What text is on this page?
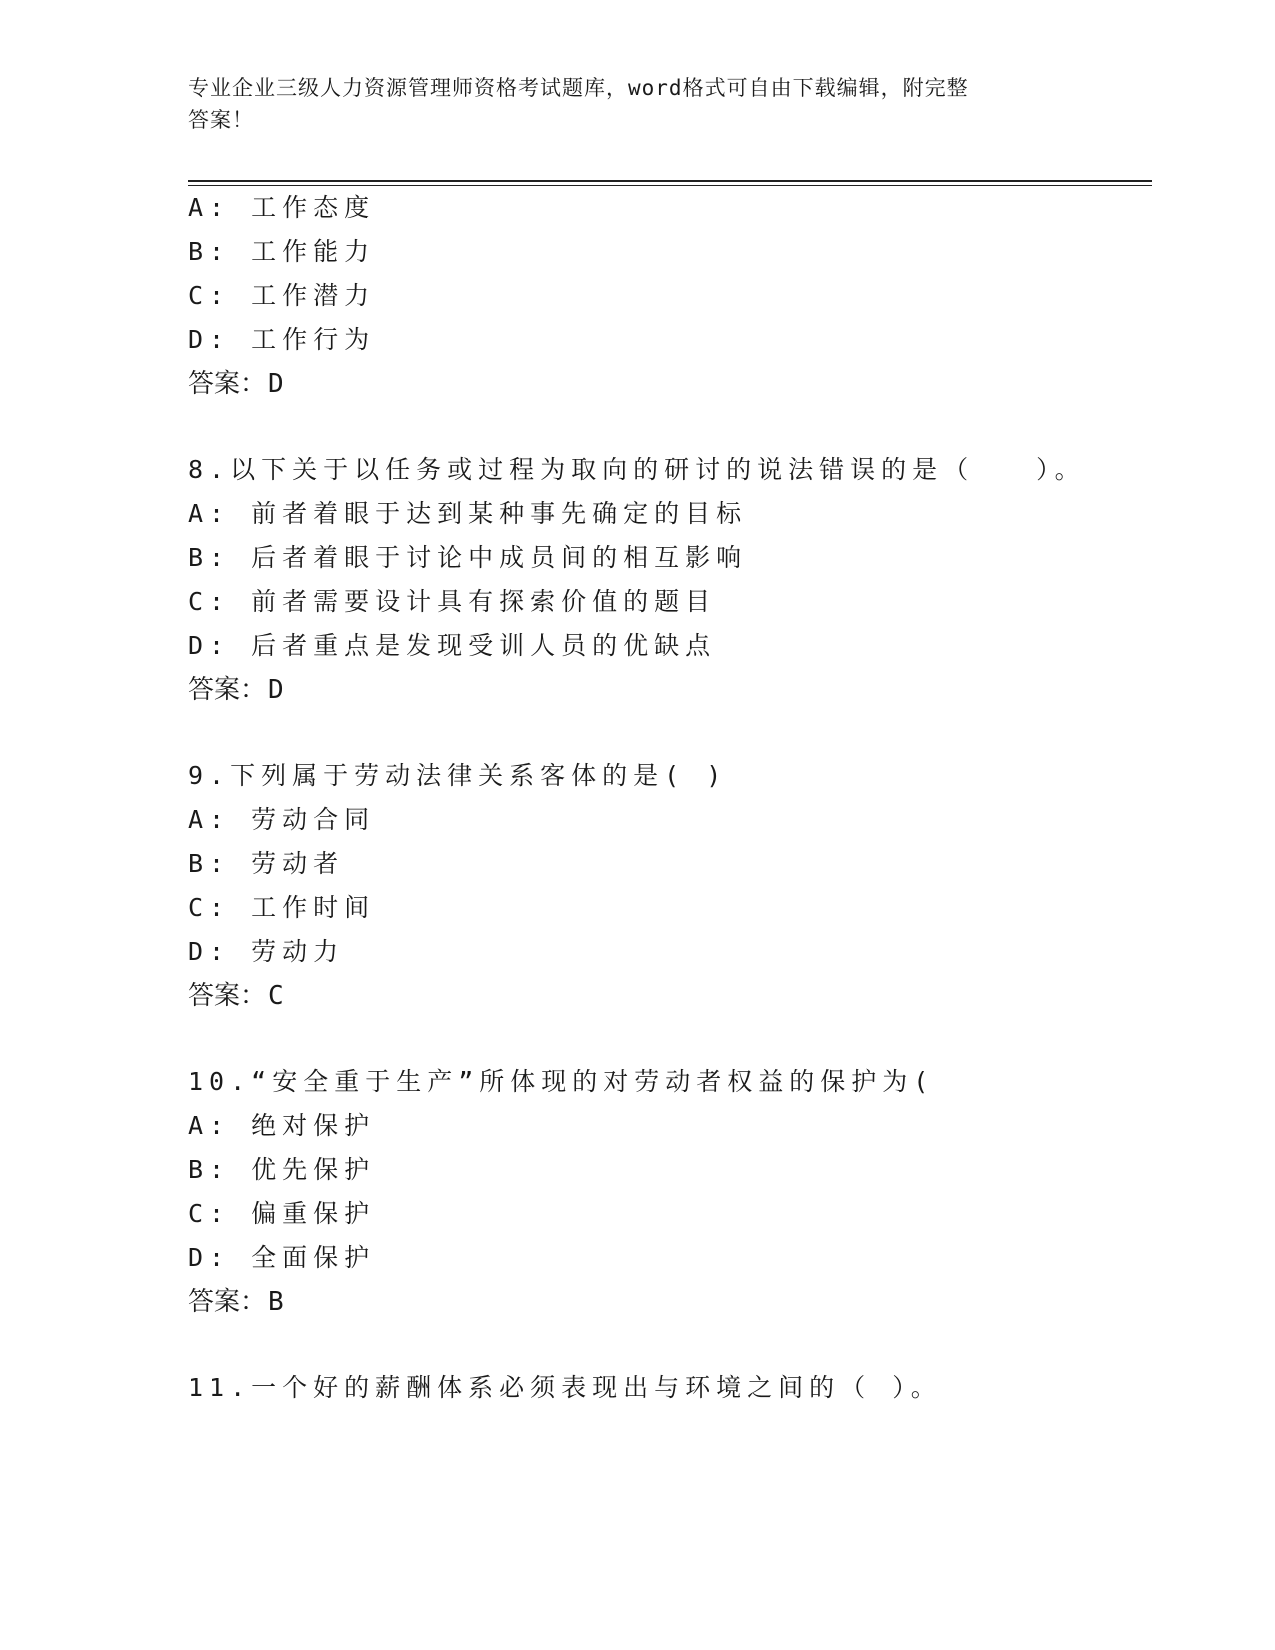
专业企业三级人力资源管理师资格考试题库，word格式可自由下载编辑，附完整
答案！
A: 工作态度
B: 工作能力
C: 工作潜力
D: 工作行为
答案：D
8.以下关于以任务或过程为取向的研讨的说法错误的是（　　）。
A: 前者着眼于达到某种事先确定的目标
B: 后者着眼于讨论中成员间的相互影响
C: 前者需要设计具有探索价值的题目
D: 后者重点是发现受训人员的优缺点
答案：D
9.下列属于劳动法律关系客体的是( )
A: 劳动合同
B: 劳动者
C: 工作时间
D: 劳动力
答案：C
10.“安全重于生产”所体现的对劳动者权益的保护为(
A: 绝对保护
B: 优先保护
C: 偏重保护
D: 全面保护
答案：B
11.一个好的薪酬体系必须表现出与环境之间的（ ）。
